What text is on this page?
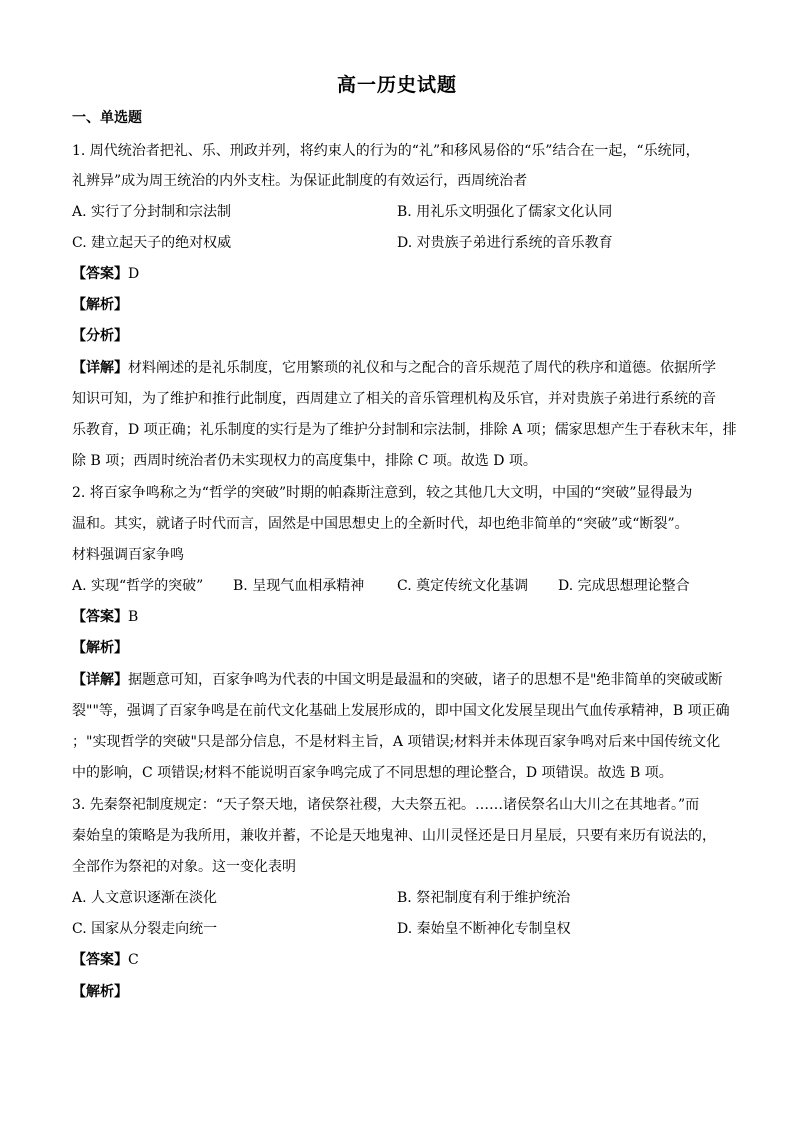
高一历史试题
一、单选题
1. 周代统治者把礼、乐、刑政并列，将约束人的行为的“礼”和移风易俗的“乐”结合在一起，“乐统同，
礼辨异”成为周王统治的内外支柱。为保证此制度的有效运行，西周统治者
A. 实行了分封制和宗法制	B. 用礼乐文明强化了儒家文化认同
C. 建立起天子的绝对权威	D. 对贵族子弟进行系统的音乐教育
【答案】D
【解析】
【分析】
【详解】材料阐述的是礼乐制度，它用繁琐的礼仪和与之配合的音乐规范了周代的秩序和道德。依据所学
知识可知，为了维护和推行此制度，西周建立了相关的音乐管理机构及乐官，并对贵族子弟进行系统的音
乐教育，D 项正确；礼乐制度的实行是为了维护分封制和宗法制，排除 A 项；儒家思想产生于春秋末年，排
除 B 项；西周时统治者仍未实现权力的高度集中，排除 C 项。故选 D 项。
2. 将百家争鸣称之为“哲学的突破”时期的帕森斯注意到，较之其他几大文明，中国的“突破”显得最为
温和。其实，就诸子时代而言，固然是中国思想史上的全新时代，却也绝非简单的“突破”或“断裂”。
材料强调百家争鸣
A. 实现“哲学的突破” B. 呈现气血相承精神 C. 奠定传统文化基调 D. 完成思想理论整合
【答案】B
【解析】
【详解】据题意可知，百家争鸣为代表的中国文明是最温和的突破，诸子的思想不是"绝非简单的突破或断
裂""等，强调了百家争鸣是在前代文化基础上发展形成的，即中国文化发展呈现出气血传承精神，B 项正确
；"实现哲学的突破"只是部分信息，不是材料主旨，A 项错误;材料并未体现百家争鸣对后来中国传统文化
中的影响，C 项错误;材料不能说明百家争鸣完成了不同思想的理论整合，D 项错误。故选 B 项。
3. 先秦祭祀制度规定：“天子祭天地，诸侯祭社稷，大夫祭五祀。……诸侯祭名山大川之在其地者。”而
秦始皇的策略是为我所用，兼收并蓄，不论是天地鬼神、山川灵怪还是日月星辰，只要有来历有说法的，
全部作为祭祀的对象。这一变化表明
A. 人文意识逐渐在淡化	B. 祭祀制度有利于维护统治
C. 国家从分裂走向统一	D. 秦始皇不断神化专制皇权
【答案】C
【解析】
